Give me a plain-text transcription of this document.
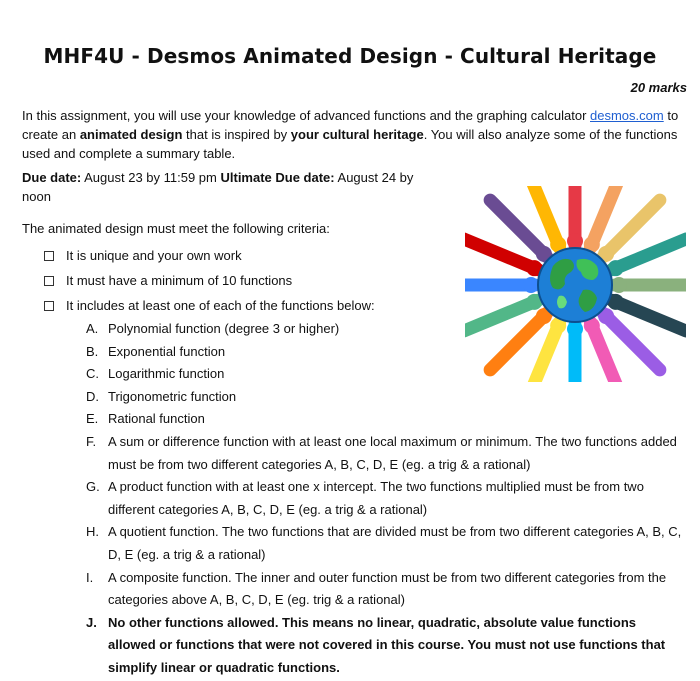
MHF4U - Desmos Animated Design - Cultural Heritage
20 marks
In this assignment, you will use your knowledge of advanced functions and the graphing calculator desmos.com to create an animated design that is inspired by your cultural heritage. You will also analyze some of the functions used and complete a summary table.
Due date: August 23 by 11:59 pm Ultimate Due date: August 24 by noon
The animated design must meet the following criteria:
It is unique and your own work
It must have a minimum of 10 functions
It includes at least one of each of the functions below:
A. Polynomial function (degree 3 or higher)
B. Exponential function
C. Logarithmic function
D. Trigonometric function
E. Rational function
F. A sum or difference function with at least one local maximum or minimum. The two functions added must be from two different categories A, B, C, D, E (eg. a trig & a rational)
G. A product function with at least one x intercept. The two functions multiplied must be from two different categories A, B, C, D, E (eg. a trig & a rational)
H. A quotient function. The two functions that are divided must be from two different categories A, B, C, D, E (eg. a trig & a rational)
I.	A composite function. The inner and outer function must be from two different categories from the categories above A, B, C, D, E (eg. trig & a rational)
J. No other functions allowed. This means no linear, quadratic, absolute value functions allowed or functions that were not covered in this course. You must not use functions that simplify linear or quadratic functions.
